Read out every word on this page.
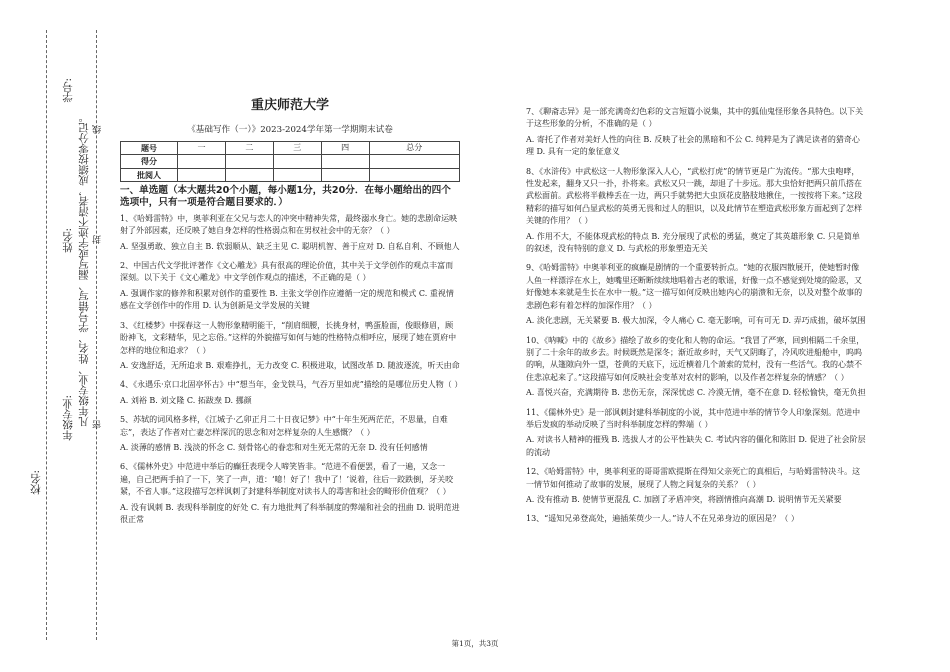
学号:
姓名:
年级专业:
校名:
凡年级专业、姓名、学号错写、漏写或字迹不清者，成绩按零分记。 线
封
密
重庆师范大学
《基础写作（一）》2023-2024学年第一学期期末试卷
题号	一	二	三	四	总分
得分					
批阅人					
一、单选题（本大题共20个小题，每小题1分，共20分．在每小题给出的四个选项中，只有一项是符合题目要求的．）

1、《哈姆雷特》中，奥菲利亚在父兄与恋人的冲突中精神失常，最终溺水身亡。她的悲剧命运映射了外部因素，还反映了她自身怎样的性格弱点和在男权社会中的无奈？（ ）

A. 坚强勇敢、独立自主 B. 软弱顺从、缺乏主见 C. 聪明机智、善于应对 D. 自私自利、不顾他人

2、中国古代文学批评著作《文心雕龙》具有很高的理论价值，其中关于文学创作的观点丰富而深刻。以下关于《文心雕龙》中文学创作观点的描述，不正确的是（ ）

A. 强调作家的修养和积累对创作的重要性 B. 主张文学创作应遵循一定的规范和模式 C. 重视情感在文学创作中的作用 D. 认为创新是文学发展的关键

3、《红楼梦》中探春这一人物形象精明能干，“削肩细腰，长挑身材，鸭蛋脸面，俊眼修眉，顾盼神飞，文彩精华，见之忘俗。”这样的外貌描写如何与她的性格特点相呼应，展现了她在贾府中怎样的地位和追求？（ ）

A. 安逸舒适，无所追求 B. 艰难挣扎，无力改变 C. 积极进取，试图改革 D. 随波逐流，听天由命

4、《永遇乐·京口北固亭怀古》中“想当年，金戈铁马，气吞万里如虎”描绘的是哪位历史人物（ ）

A. 刘裕 B. 刘文隆 C. 拓跋焘 D. 挪颜

5、苏轼的词风格多样，《江城子·乙卯正月二十日夜记梦》中“十年生死两茫茫，不思量，自难忘”，表达了作者对亡妻怎样深沉的思念和对怎样复杂的人生感慨？（ ）

A. 淡薄的感情 B. 浅淡的怀念 C. 刻骨铭心的眷恋和对生死无常的无奈 D. 没有任何感情

6、《儒林外史》中范进中举后的癫狂表现令人啼笑皆非。“范进不看便罢，看了一遍，又念一遍，自己把两手拍了一下，笑了一声，道：‘噫！好了！我中了！’说着，往后一跤跌倒，牙关咬紧，不省人事。”这段描写怎样讽刺了封建科举制度对读书人的毒害和社会的畸形价值观？（ ）

A. 没有讽刺 B. 表现科举制度的好处 C. 有力地批判了科举制度的弊端和社会的扭曲 D. 说明范进很正常

7、《聊斋志异》是一部充满奇幻色彩的文言短篇小说集，其中的狐仙鬼怪形象各具特色。以下关于这些形象的分析，不准确的是（ ）

A. 寄托了作者对美好人性的向往 B. 反映了社会的黑暗和不公 C. 纯粹是为了满足读者的猎奇心理 D. 具有一定的象征意义

8、《水浒传》中武松这一人物形象深入人心，“武松打虎”的情节更是广为流传。“那大虫咆哮，性发起来，翻身又只一扑，扑将来。武松又只一跳，却退了十步远。那大虫恰好把两只前爪搭在武松面前。武松将半截棒丢在一边，两只手就势把大虫顶花皮胳肢地揪住，一按按将下来。”这段精彩的描写如何凸显武松的英勇无畏和过人的胆识，以及此情节在塑造武松形象方面起到了怎样关键的作用？（ ）

A. 作用不大，不能体现武松的特点 B. 充分展现了武松的勇猛，奠定了其英雄形象 C. 只是简单的叙述，没有特别的意义 D. 与武松的形象塑造无关

9、《哈姆雷特》中奥菲利亚的疯癫是剧情的一个重要转折点。“她的衣服四散展开，使她暂时像人鱼一样漂浮在水上，她嘴里还断断续续地唱着古老的歌谣，好像一点不感觉到处境的险恶，又好像她本来就是生长在水中一般。”这一描写如何反映出她内心的崩溃和无奈，以及对整个故事的悲剧色彩有着怎样的加深作用？（ ）

A. 淡化悲剧，无关紧要 B. 极大加深，令人痛心 C. 毫无影响，可有可无 D. 弄巧成拙，破坏氛围

10、《呐喊》中的《故乡》描绘了故乡的变化和人物的命运。“我冒了严寒，回到相隔二千余里，别了二十余年的故乡去。时候既然是深冬；渐近故乡时，天气又阴晦了，冷风吹进船舱中，呜呜的响，从篷隙向外一望，苍黄的天底下，远近横着几个萧索的荒村，没有一些活气。我的心禁不住悲凉起来了。”这段描写如何反映社会变革对农村的影响，以及作者怎样复杂的情感？（ ）

A. 喜悦兴奋，充满期待 B. 悲伤无奈，深深忧虑 C. 冷漠无情，毫不在意 D. 轻松愉快，毫无负担

11、《儒林外史》是一部讽刺封建科举制度的小说，其中范进中举的情节令人印象深刻。范进中举后发疯的举动反映了当时科举制度怎样的弊端（ ）

A. 对读书人精神的摧残 B. 选拔人才的公平性缺失 C. 考试内容的僵化和陈旧 D. 促进了社会阶层的流动

12、《哈姆雷特》中，奥菲利亚的哥哥雷欧提斯在得知父亲死亡的真相后，与哈姆雷特决斗。这一情节如何推动了故事的发展，展现了人物之间复杂的关系？（ ）

A. 没有推动 B. 使情节更混乱 C. 加剧了矛盾冲突，将剧情推向高潮 D. 说明情节无关紧要

13、“遥知兄弟登高处，遍插茱萸少一人。”诗人不在兄弟身边的原因是？（ ）

第1页，共3页
